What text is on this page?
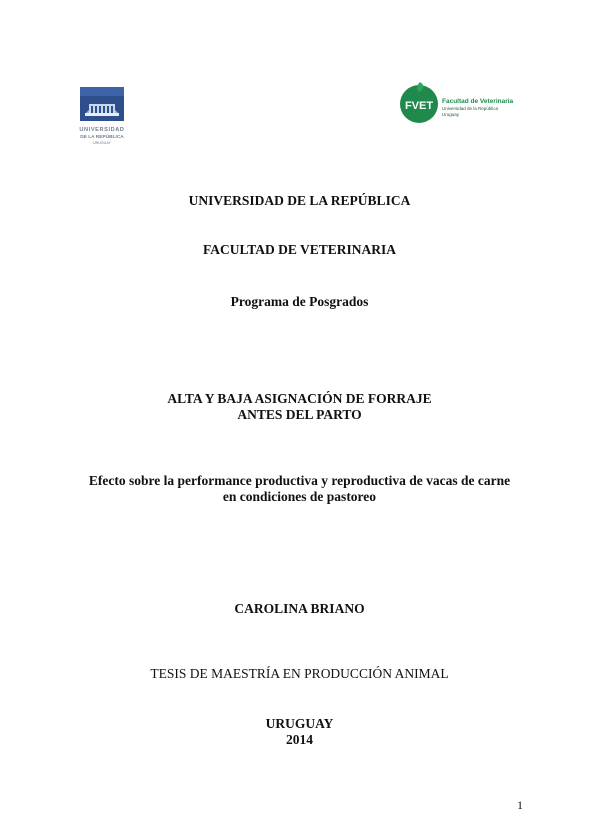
UNIVERSIDAD
DE LA REPÚBLICA
URUGUAY
FVET Facultad de Veterinaria
Universidad de la República
Uruguay
UNIVERSIDAD DE LA REPÚBLICA
FACULTAD DE VETERINARIA
Programa de Posgrados
ALTA Y BAJA ASIGNACIÓN DE FORRAJE
ANTES DEL PARTO
Efecto sobre la performance productiva y reproductiva de vacas de carne
en condiciones de pastoreo
CAROLINA BRIANO
TESIS DE MAESTRÍA EN PRODUCCIÓN ANIMAL
URUGUAY
2014
1
